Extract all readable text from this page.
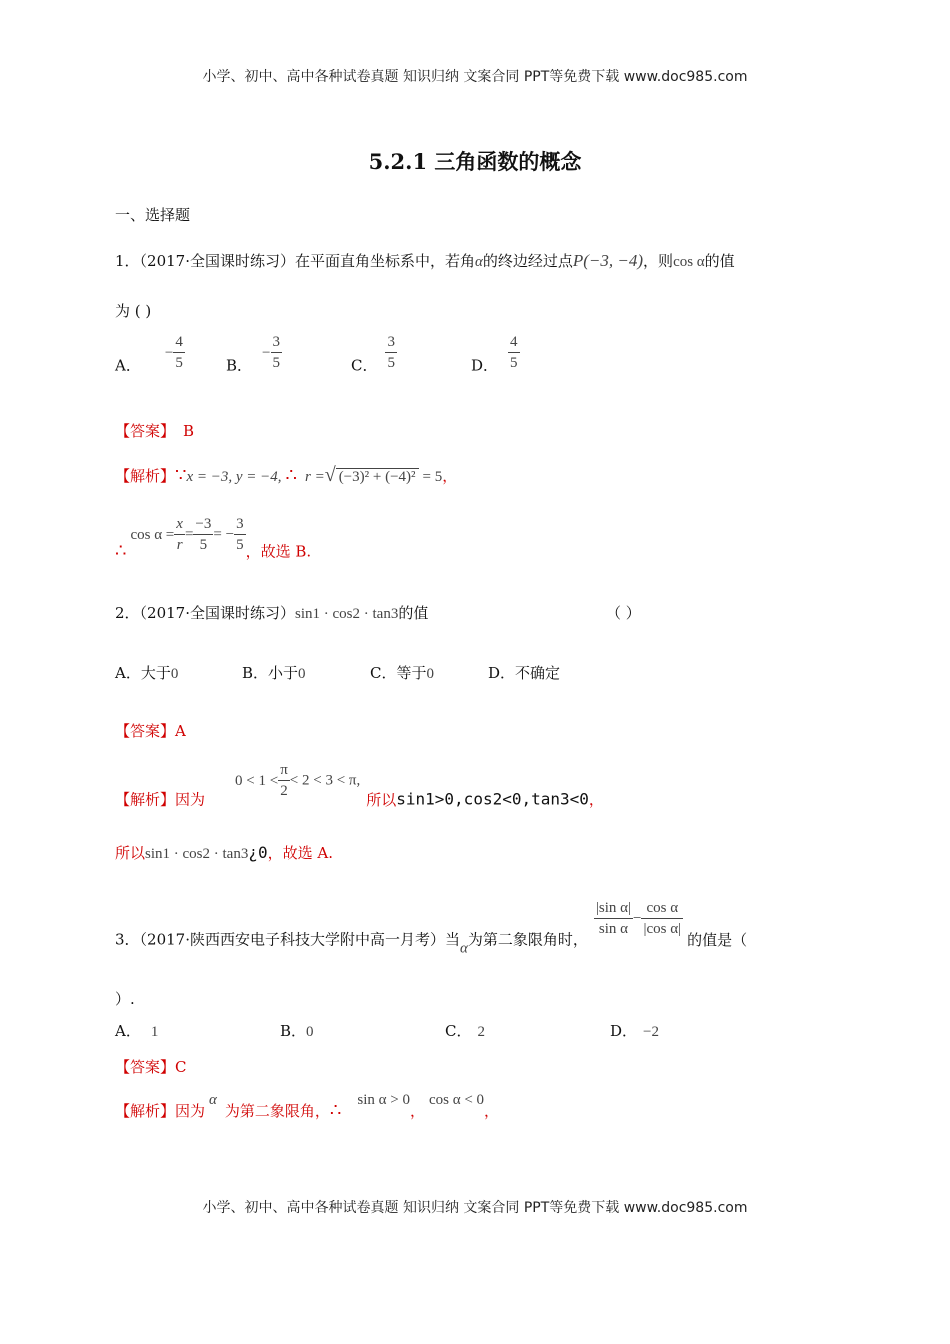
小学、初中、高中各种试卷真题 知识归纳 文案合同 PPT等免费下载 www.doc985.com
5.2.1 三角函数的概念
一、选择题
1．（2017·全国课时练习）在平面直角坐标系中，若角α的终边经过点P(−3, −4)，则cos α的值
为 ( )
A．− $\frac{4}{5}$	B．− $\frac{3}{5}$	C． $\frac{3}{5}$	D． $\frac{4}{5}$
【答案】 B
【解析】∵x = −3, y = −4, ∴ r =√ (−3)² + (−4)² = 5，
∴cos $\alpha = \frac{x}{r} = \frac{-3}{5}$ = − $\frac{3}{5}$ ，故选 B.
2．（2017·全国课时练习）sin1 · cos2 · tan3的值	（ ）
A．大于0	B．小于0	C．等于0	D．不确定
【答案】A
【解析】因为$0 < 1 < \frac{\pi}{2} < 2 < 3 < \pi$,所以sin1>0,cos2<0,tan3<0，
所以sin1 · cos2 · tan3¿0，故选 A.
3．（2017·陕西西安电子科技大学附中高一月考）当α为第二象限角时，
$\frac{\text{|sin α|}}{\text{sin α}} - \frac{\text{cos α}}{\text{|cos α|}}$
的值是（
）.
A． 1	B．0	C． 2	D． −2
【答案】C
【解析】因为α为第二象限角，∴ sin α > 0，cos α < 0，
小学、初中、高中各种试卷真题 知识归纳 文案合同 PPT等免费下载 www.doc985.com
